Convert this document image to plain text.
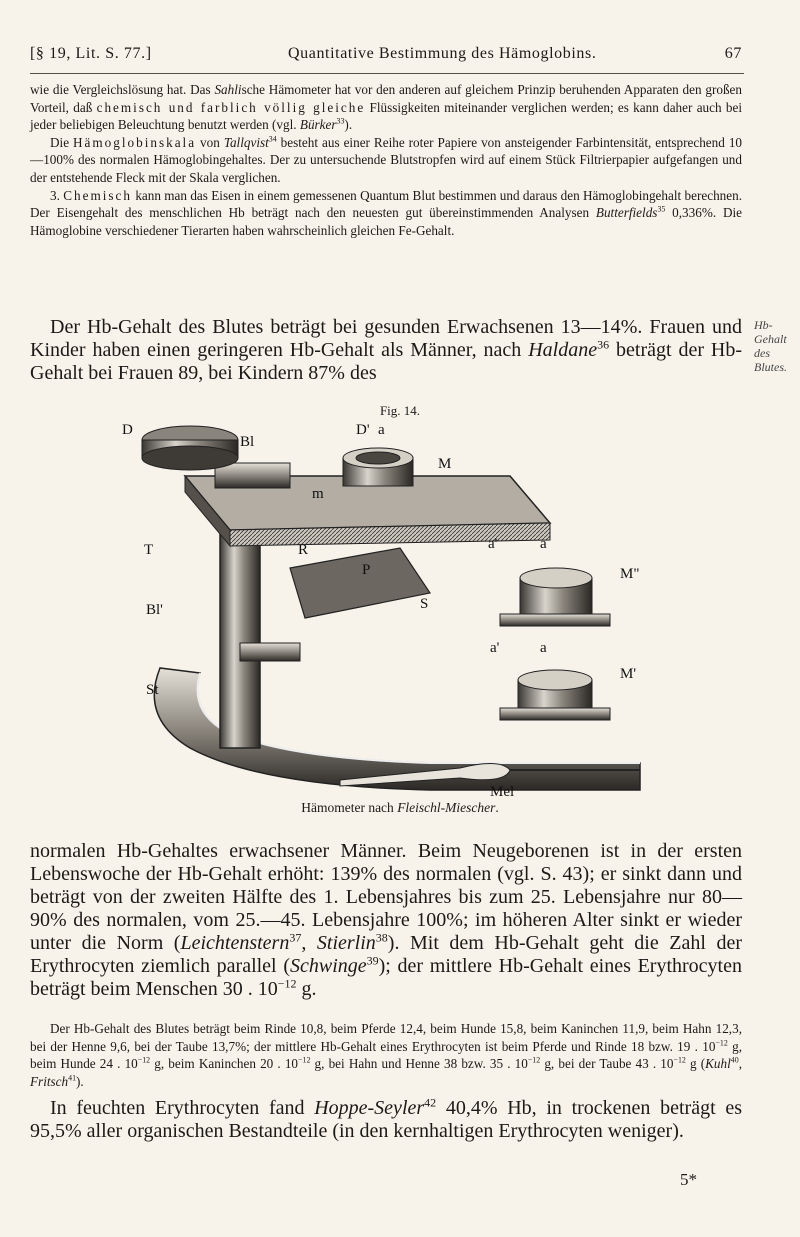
[§ 19, Lit. S. 77.]	Quantitative Bestimmung des Hämoglobins.	67

wie die Vergleichslösung hat. Das Sahlische Hämometer hat vor den anderen auf gleichem Prinzip beruhenden Apparaten den großen Vorteil, daß chemisch und farblich völlig gleiche Flüssigkeiten miteinander verglichen werden; es kann daher auch bei jeder beliebigen Beleuchtung benutzt werden (vgl. Bürker$^{33}$).

Die Hämoglobinskala von Tallqvist$^{34}$ besteht aus einer Reihe roter Papiere von ansteigender Farbintensität, entsprechend 10—100% des normalen Hämoglobingehaltes. Der zu untersuchende Blutstropfen wird auf einem Stück Filtrierpapier aufgefangen und der entstehende Fleck mit der Skala verglichen.

3. Chemisch kann man das Eisen in einem gemessenen Quantum Blut bestimmen und daraus den Hämoglobingehalt berechnen. Der Eisengehalt des menschlichen Hb beträgt nach den neuesten gut übereinstimmenden Analysen Butterfields$^{35}$ 0,336%. Die Hämoglobine verschiedener Tierarten haben wahrscheinlich gleichen Fe-Gehalt.

Der Hb-Gehalt des Blutes beträgt bei gesunden Erwachsenen 13—14%. Frauen und Kinder haben einen geringeren Hb-Gehalt als Männer, nach Haldane$^{36}$ beträgt der Hb-Gehalt bei Frauen 89, bei Kindern 87% des

Hb-Gehalt des Blutes.
Fig. 14.
D
Bl
D' a
M
m
T	R	a'	a
M"
P
S
Bl'
a'	a
M'
St
Mel
Hämometer nach Fleischl-Miescher.

normalen Hb-Gehaltes erwachsener Männer. Beim Neugeborenen ist in der ersten Lebenswoche der Hb-Gehalt erhöht: 139% des normalen (vgl. S. 43); er sinkt dann und beträgt von der zweiten Hälfte des 1. Lebensjahres bis zum 25. Lebensjahre nur 80—90% des normalen, vom 25.—45. Lebensjahre 100%; im höheren Alter sinkt er wieder unter die Norm (Leichtenstern$^{37}$, Stierlin$^{38}$). Mit dem Hb-Gehalt geht die Zahl der Erythrocyten ziemlich parallel (Schwinge$^{39}$); der mittlere Hb-Gehalt eines Erythrocyten beträgt beim Menschen 30 . $10^{-12}$ g.

Der Hb-Gehalt des Blutes beträgt beim Rinde 10,8, beim Pferde 12,4, beim Hunde 15,8, beim Kaninchen 11,9, beim Hahn 12,3, bei der Henne 9,6, bei der Taube 13,7%; der mittlere Hb-Gehalt eines Erythrocyten ist beim Pferde und Rinde 18 bzw. 19 . $10^{-12}$ g, beim Hunde 24 . $10^{-12}$ g, beim Kaninchen 20 . $10^{-12}$ g, bei Hahn und Henne 38 bzw. 35 . $10^{-12}$ g, bei der Taube 43 . $10^{-12}$ g (Kuhl$^{40}$, Fritsch$^{41}$).

In feuchten Erythrocyten fand Hoppe-Seyler$^{42}$ 40,4% Hb, in trockenen beträgt es 95,5% aller organischen Bestandteile (in den kernhaltigen Erythrocyten weniger).

5*
